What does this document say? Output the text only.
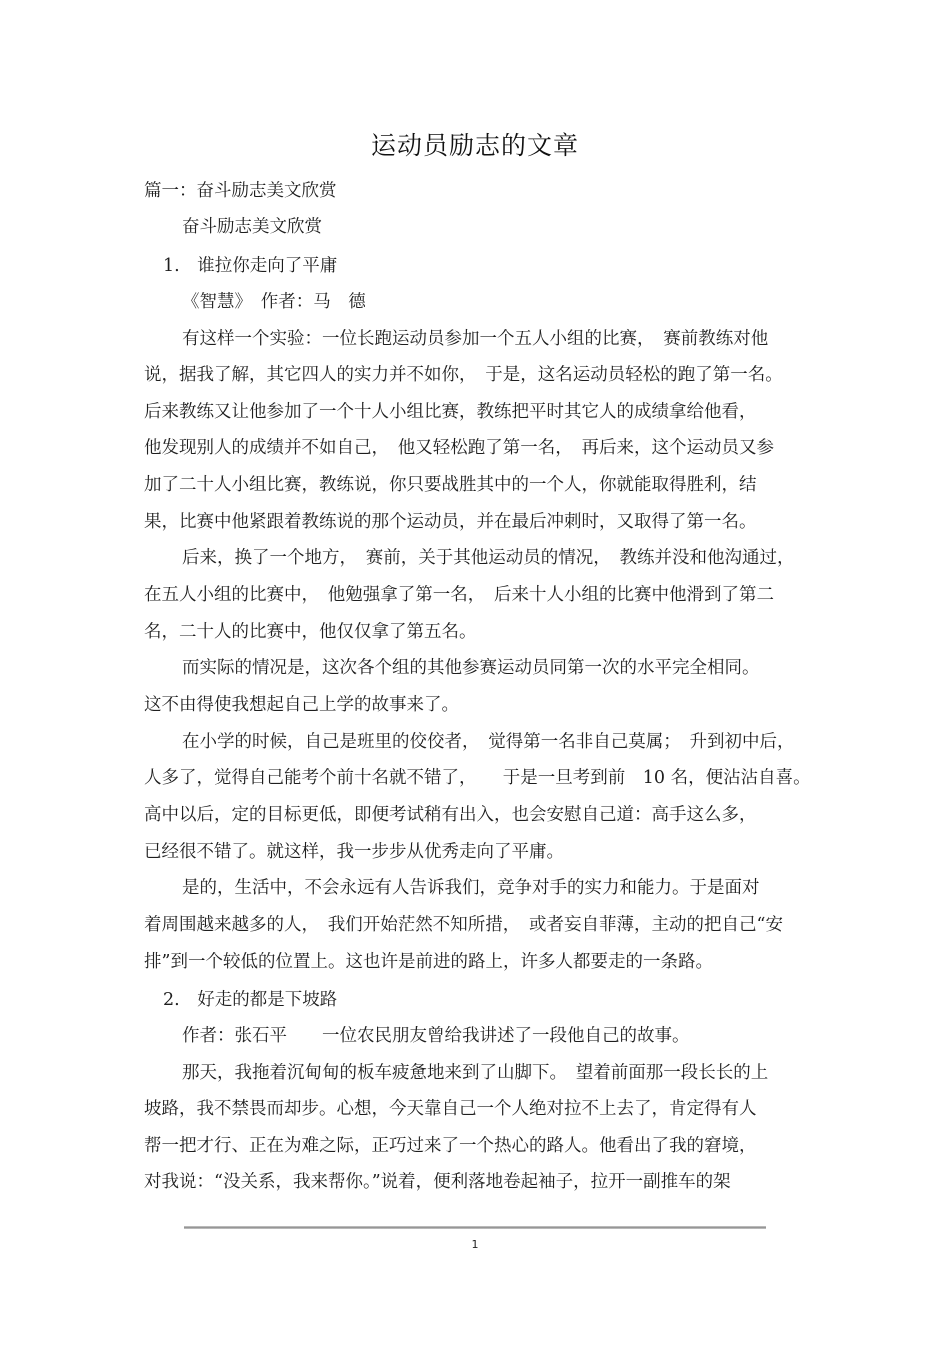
运动员励志的文章
篇一：奋斗励志美文欣赏
奋斗励志美文欣赏
1.　谁拉你走向了平庸
《智慧》　作者：马　德
有这样一个实验：一位长跑运动员参加一个五人小组的比赛，　赛前教练对他
说，据我了解，其它四人的实力并不如你，　于是，这名运动员轻松的跑了第一名。
后来教练又让他参加了一个十人小组比赛，教练把平时其它人的成绩拿给他看，
他发现别人的成绩并不如自己，　他又轻松跑了第一名，　再后来，这个运动员又参
加了二十人小组比赛，教练说，你只要战胜其中的一个人，你就能取得胜利，结
果，比赛中他紧跟着教练说的那个运动员，并在最后冲刺时，又取得了第一名。
后来，换了一个地方，　赛前，关于其他运动员的情况，　教练并没和他沟通过，
在五人小组的比赛中，　他勉强拿了第一名，　后来十人小组的比赛中他滑到了第二
名，二十人的比赛中，他仅仅拿了第五名。
而实际的情况是，这次各个组的其他参赛运动员同第一次的水平完全相同。
这不由得使我想起自己上学的故事来了。
在小学的时候，自己是班里的佼佼者，　觉得第一名非自己莫属；　升到初中后，
人多了，觉得自己能考个前十名就不错了，　　于是一旦考到前　10 名，便沾沾自喜。
高中以后，定的目标更低，即便考试稍有出入，也会安慰自己道：高手这么多，
已经很不错了。就这样，我一步步从优秀走向了平庸。
是的，生活中，不会永远有人告诉我们，竞争对手的实力和能力。于是面对
着周围越来越多的人，　我们开始茫然不知所措，　或者妄自菲薄，主动的把自己“安
排”到一个较低的位置上。这也许是前进的路上，许多人都要走的一条路。
2.　好走的都是下坡路
作者：张石平　　一位农民朋友曾给我讲述了一段他自己的故事。
那天，我拖着沉甸甸的板车疲惫地来到了山脚下。　望着前面那一段长长的上
坡路，我不禁畏而却步。心想，今天靠自己一个人绝对拉不上去了，肯定得有人
帮一把才行、正在为难之际，正巧过来了一个热心的路人。他看出了我的窘境，
对我说：“没关系，我来帮你。”说着，便利落地卷起袖子，拉开一副推车的架
1
